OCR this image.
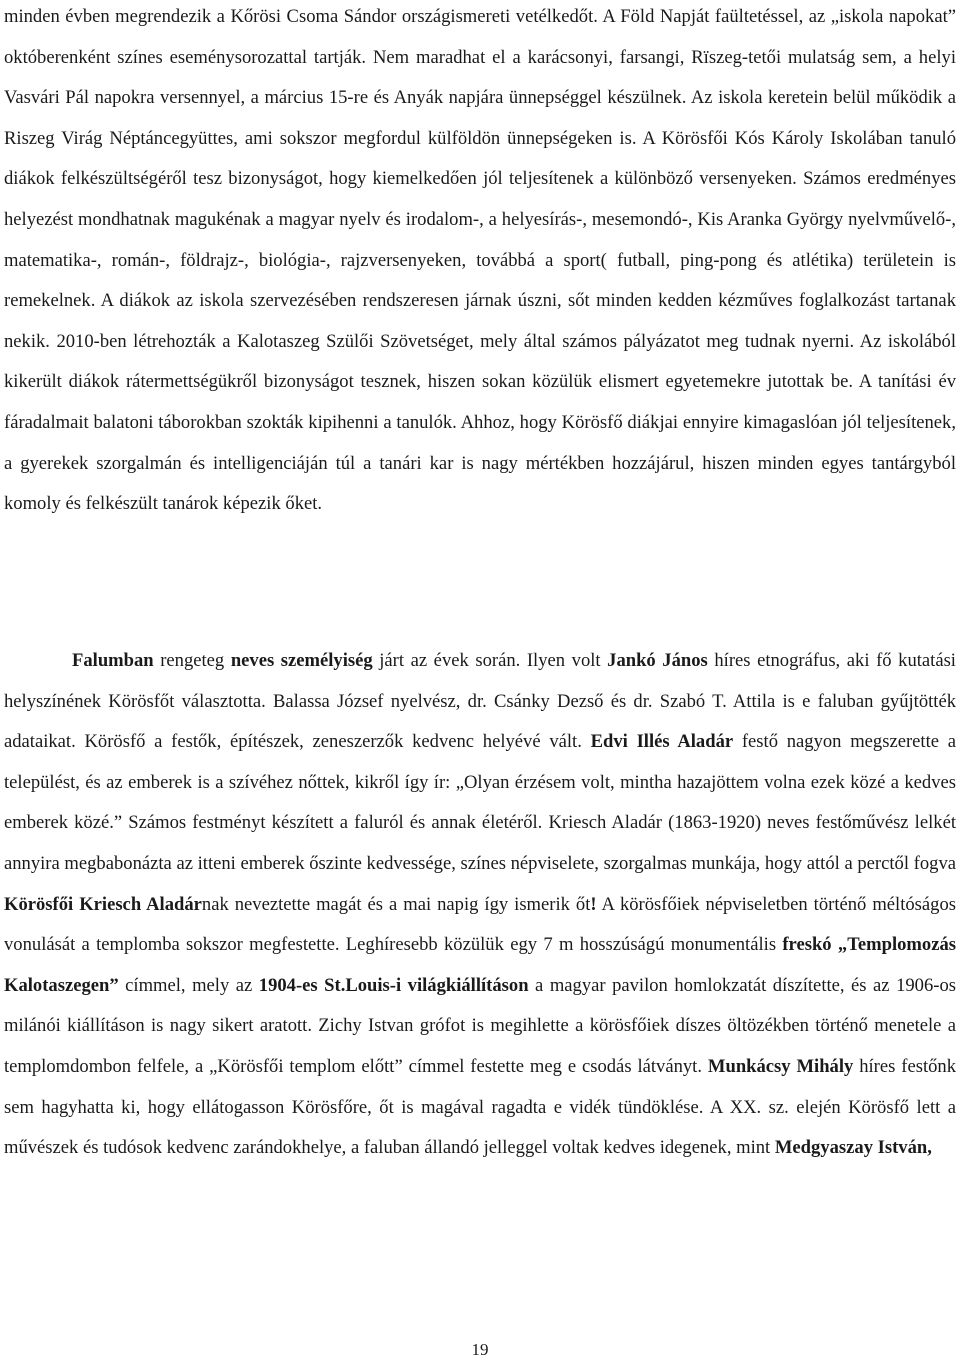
minden évben megrendezik a Kőrösi Csoma Sándor országismereti vetélkedőt. A Föld Napját faültetéssel, az „iskola napokat” októberenként színes eseménysorozattal tartják. Nem maradhat el a karácsonyi, farsangi, Rïszeg-tetői mulatság sem, a helyi Vasvári Pál napokra versennyel, a március 15-re és Anyák napjára ünnepséggel készülnek. Az iskola keretein belül működik a Riszeg Virág Néptáncegyüttes, ami sokszor megfordul külföldön ünnepségeken is. A Körösfői Kós Károly Iskolában tanuló diákok felkészültségéről tesz bizonyságot, hogy kiemelkedően jól teljesítenek a különböző versenyeken. Számos eredményes helyezést mondhatnak magukénak a magyar nyelv és irodalom-, a helyesírás-, mesemondó-, Kis Aranka György nyelvművelő-, matematika-, román-, földrajz-, biológia-, rajzversenyeken, továbbá a sport( futball, ping-pong és atlétika) területein is remekelnek. A diákok az iskola szervezésében rendszeresen járnak úszni, sőt minden kedden kézműves foglalkozást tartanak nekik. 2010-ben létrehozták a Kalotaszeg Szülői Szövetséget, mely által számos pályázatot meg tudnak nyerni. Az iskolából kikerült diákok rátermettségükről bizonyságot tesznek, hiszen sokan közülük elismert egyetemekre jutottak be. A tanítási év fáradalmait balatoni táborokban szokták kipihenni a tanulók. Ahhoz, hogy Körösfő diákjai ennyire kimagaslóan jól teljesítenek, a gyerekek szorgalmán és intelligenciáján túl a tanári kar is nagy mértékben hozzájárul, hiszen minden egyes tantárgyból komoly és felkészült tanárok képezik őket.

Falumban rengeteg neves személyiség járt az évek során. Ilyen volt Jankó János híres etnográfus, aki fő kutatási helyszínének Körösfőt választotta. Balassa József nyelvész, dr. Csánky Dezső és dr. Szabó T. Attila is e faluban gyűjtötték adataikat. Körösfő a festők, építészek, zeneszerzők kedvenc helyévé vált. Edvi Illés Aladár festő nagyon megszerette a települést, és az emberek is a szívéhez nőttek, kikről így ír: „Olyan érzésem volt, mintha hazajöttem volna ezek közé a kedves emberek közé.” Számos festményt készített a faluról és annak életéről. Kriesch Aladár (1863-1920) neves festőművész lelkét annyira megbabonázta az itteni emberek őszinte kedvessége, színes népviselete, szorgalmas munkája, hogy attól a perctől fogva Körösfői Kriesch Aladárnak neveztette magát és a mai napig így ismerik őt! A körösfőiek népviseletben történő méltóságos vonulását a templomba sokszor megfestette. Leghíresebb közülük egy 7 m hosszúságú monumentális freskó „Templomozás Kalotaszegen” címmel, mely az 1904-es St.Louis-i világkiállításon a magyar pavilon homlokzatát díszítette, és az 1906-os milánói kiállításon is nagy sikert aratott. Zichy Istvan grófot is megihlette a körösfőiek díszes öltözékben történő menetele a templomdombon felfele, a „Körösfői templom előtt” címmel festette meg e csodás látványt. Munkácsy Mihály híres festőnk sem hagyhatta ki, hogy ellátogasson Körösfőre, őt is magával ragadta e vidék tündöklése. A XX. sz. elején Körösfő lett a művészek és tudósok kedvenc zarándokhelye, a faluban állandó jelleggel voltak kedves idegenek, mint Medgyaszay István,

19
